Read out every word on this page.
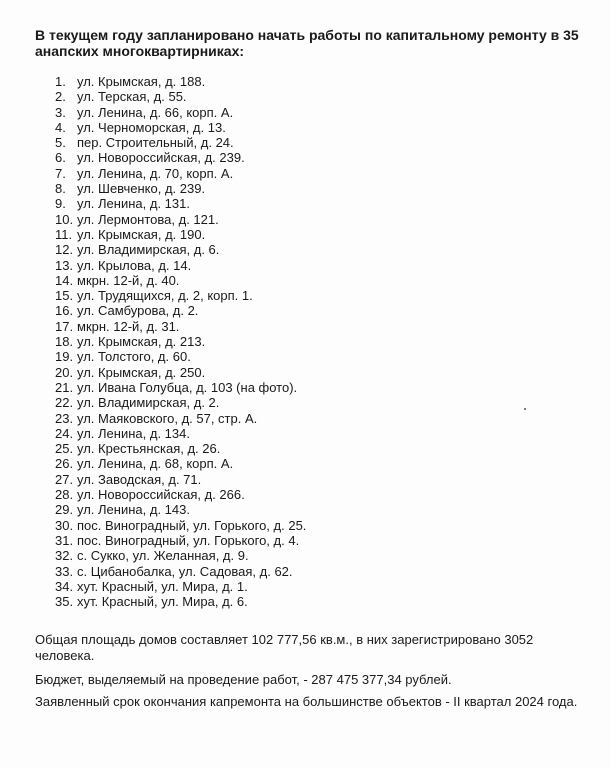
В текущем году запланировано начать работы по капитальному ремонту в 35 анапских многоквартирниках:

1. ул. Крымская, д. 188.
2. ул. Терская, д. 55.
3. ул. Ленина, д. 66, корп. А.
4. ул. Черноморская, д. 13.
5. пер. Строительный, д. 24.
6. ул. Новороссийская, д. 239.
7. ул. Ленина, д. 70, корп. А.
8. ул. Шевченко, д. 239.
9. ул. Ленина, д. 131.
10. ул. Лермонтова, д. 121.
11. ул. Крымская, д. 190.
12. ул. Владимирская, д. 6.
13. ул. Крылова, д. 14.
14. мкрн. 12-й, д. 40.
15. ул. Трудящихся, д. 2, корп. 1.
16. ул. Самбурова, д. 2.
17. мкрн. 12-й, д. 31.
18. ул. Крымская, д. 213.
19. ул. Толстого, д. 60.
20. ул. Крымская, д. 250.
21. ул. Ивана Голубца, д. 103 (на фото).
22. ул. Владимирская, д. 2.
23. ул. Маяковского, д. 57, стр. А.
24. ул. Ленина, д. 134.
25. ул. Крестьянская, д. 26.
26. ул. Ленина, д. 68, корп. А.
27. ул. Заводская, д. 71.
28. ул. Новороссийская, д. 266.
29. ул. Ленина, д. 143.
30. пос. Виноградный, ул. Горького, д. 25.
31. пос. Виноградный, ул. Горького, д. 4.
32. с. Сукко, ул. Желанная, д. 9.
33. с. Цибанобалка, ул. Садовая, д. 62.
34. хут. Красный, ул. Мира, д. 1.
35. хут. Красный, ул. Мира, д. 6.

Общая площадь домов составляет 102 777,56 кв.м., в них зарегистрировано 3052 человека.

Бюджет, выделяемый на проведение работ, - 287 475 377,34 рублей.

Заявленный срок окончания капремонта на большинстве объектов - II квартал 2024 года.
